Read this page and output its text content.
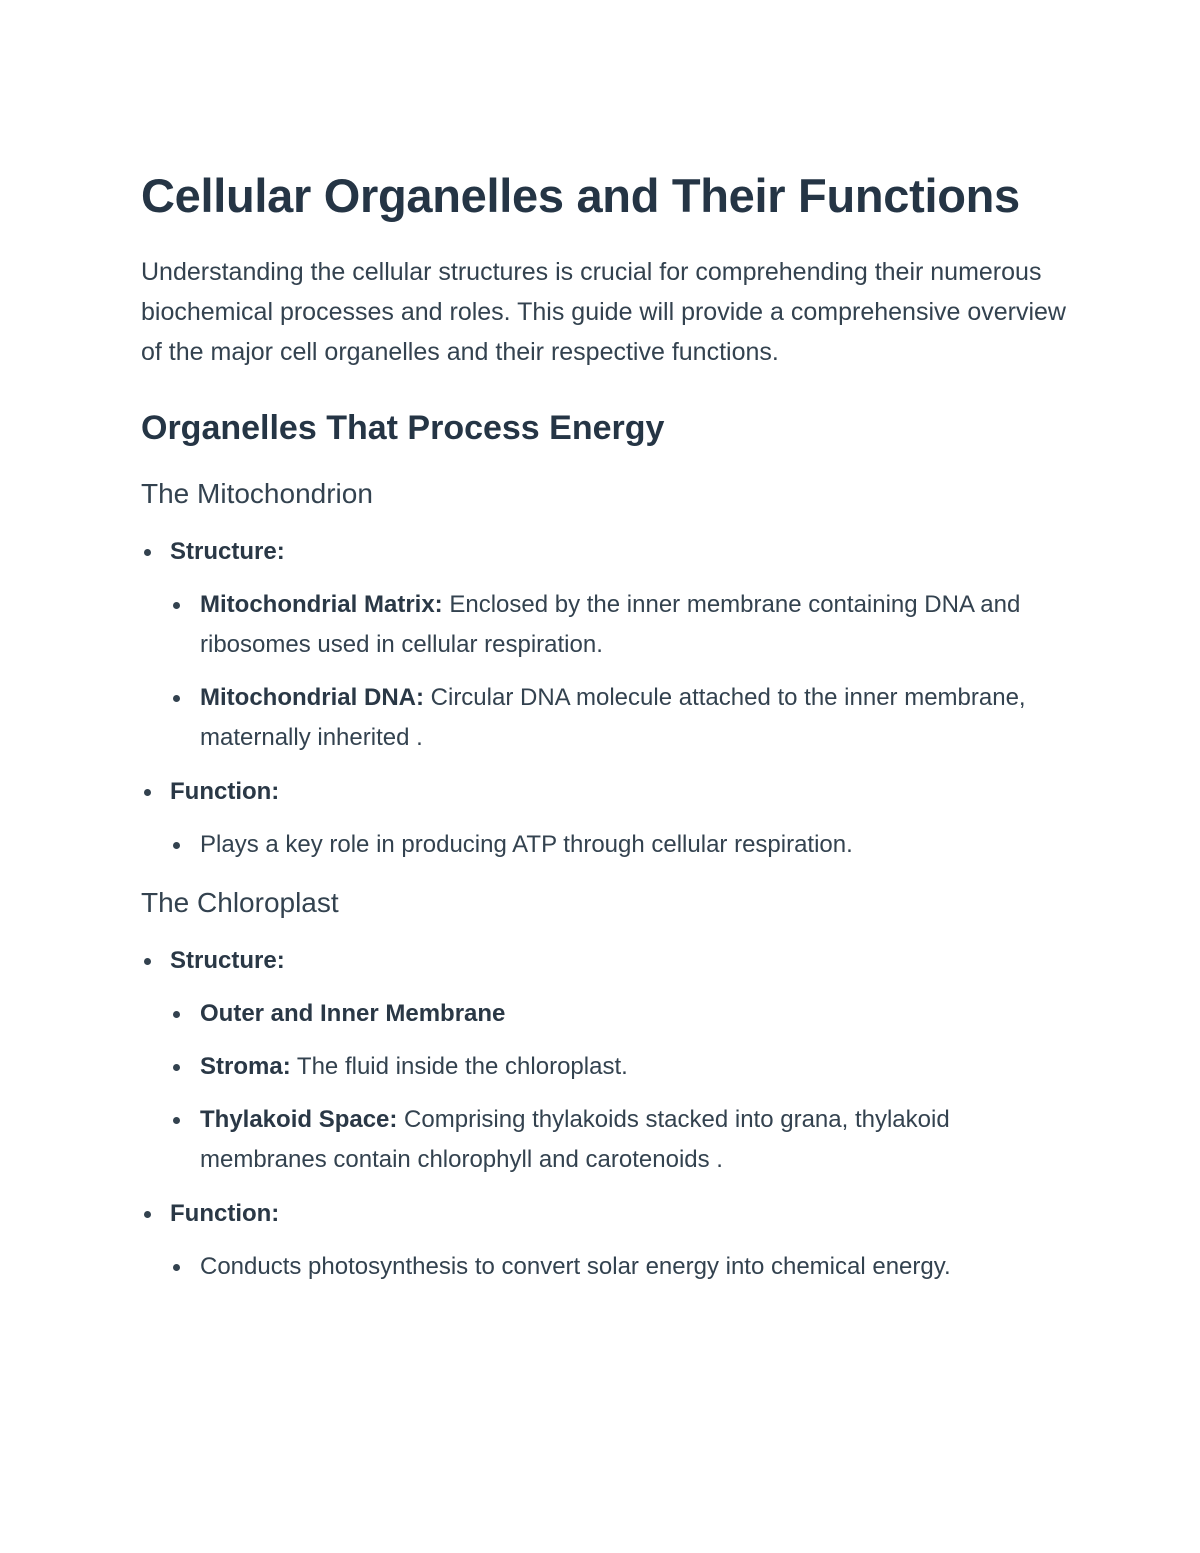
Cellular Organelles and Their Functions

Understanding the cellular structures is crucial for comprehending their numerous biochemical processes and roles. This guide will provide a comprehensive overview of the major cell organelles and their respective functions.

Organelles That Process Energy
The Mitochondrion
Structure:
Mitochondrial Matrix: Enclosed by the inner membrane containing DNA and ribosomes used in cellular respiration.
Mitochondrial DNA: Circular DNA molecule attached to the inner membrane, maternally inherited .
Function:
Plays a key role in producing ATP through cellular respiration.
The Chloroplast
Structure:
Outer and Inner Membrane
Stroma: The fluid inside the chloroplast.
Thylakoid Space: Comprising thylakoids stacked into grana, thylakoid membranes contain chlorophyll and carotenoids .
Function:
Conducts photosynthesis to convert solar energy into chemical energy.
